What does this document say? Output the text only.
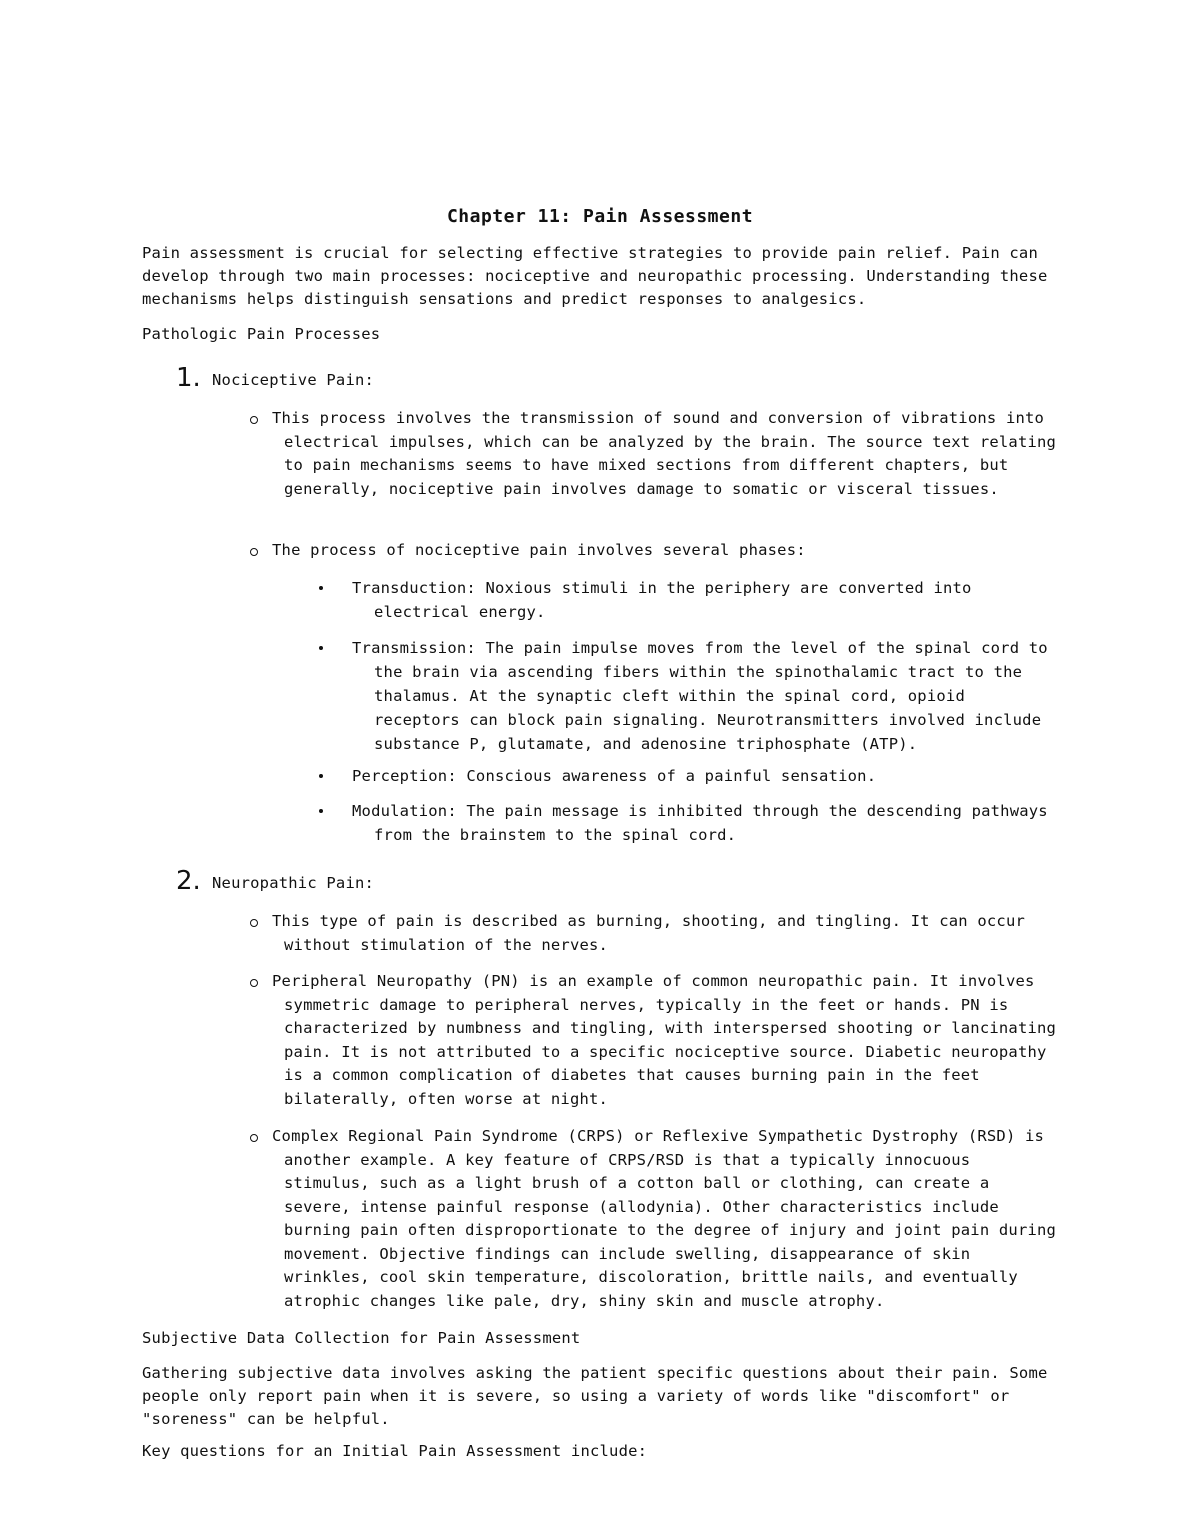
Chapter 11: Pain Assessment

Pain assessment is crucial for selecting effective strategies to provide pain relief. Pain can develop through two main processes: nociceptive and neuropathic processing. Understanding these mechanisms helps distinguish sensations and predict responses to analgesics.

Pathologic Pain Processes
1. Nociceptive Pain:
This process involves the transmission of sound and conversion of vibrations into electrical impulses, which can be analyzed by the brain. The source text relating to pain mechanisms seems to have mixed sections from different chapters, but generally, nociceptive pain involves damage to somatic or visceral tissues.
The process of nociceptive pain involves several phases:
Transduction: Noxious stimuli in the periphery are converted into electrical energy.
Transmission: The pain impulse moves from the level of the spinal cord to the brain via ascending fibers within the spinothalamic tract to the thalamus. At the synaptic cleft within the spinal cord, opioid receptors can block pain signaling. Neurotransmitters involved include substance P, glutamate, and adenosine triphosphate (ATP).
Perception: Conscious awareness of a painful sensation.
Modulation: The pain message is inhibited through the descending pathways from the brainstem to the spinal cord.
2. Neuropathic Pain:
This type of pain is described as burning, shooting, and tingling. It can occur without stimulation of the nerves.
Peripheral Neuropathy (PN) is an example of common neuropathic pain. It involves symmetric damage to peripheral nerves, typically in the feet or hands. PN is characterized by numbness and tingling, with interspersed shooting or lancinating pain. It is not attributed to a specific nociceptive source. Diabetic neuropathy is a common complication of diabetes that causes burning pain in the feet bilaterally, often worse at night.
Complex Regional Pain Syndrome (CRPS) or Reflexive Sympathetic Dystrophy (RSD) is another example. A key feature of CRPS/RSD is that a typically innocuous stimulus, such as a light brush of a cotton ball or clothing, can create a severe, intense painful response (allodynia). Other characteristics include burning pain often disproportionate to the degree of injury and joint pain during movement. Objective findings can include swelling, disappearance of skin wrinkles, cool skin temperature, discoloration, brittle nails, and eventually atrophic changes like pale, dry, shiny skin and muscle atrophy.
Subjective Data Collection for Pain Assessment

Gathering subjective data involves asking the patient specific questions about their pain. Some people only report pain when it is severe, so using a variety of words like "discomfort" or "soreness" can be helpful.

Key questions for an Initial Pain Assessment include:
